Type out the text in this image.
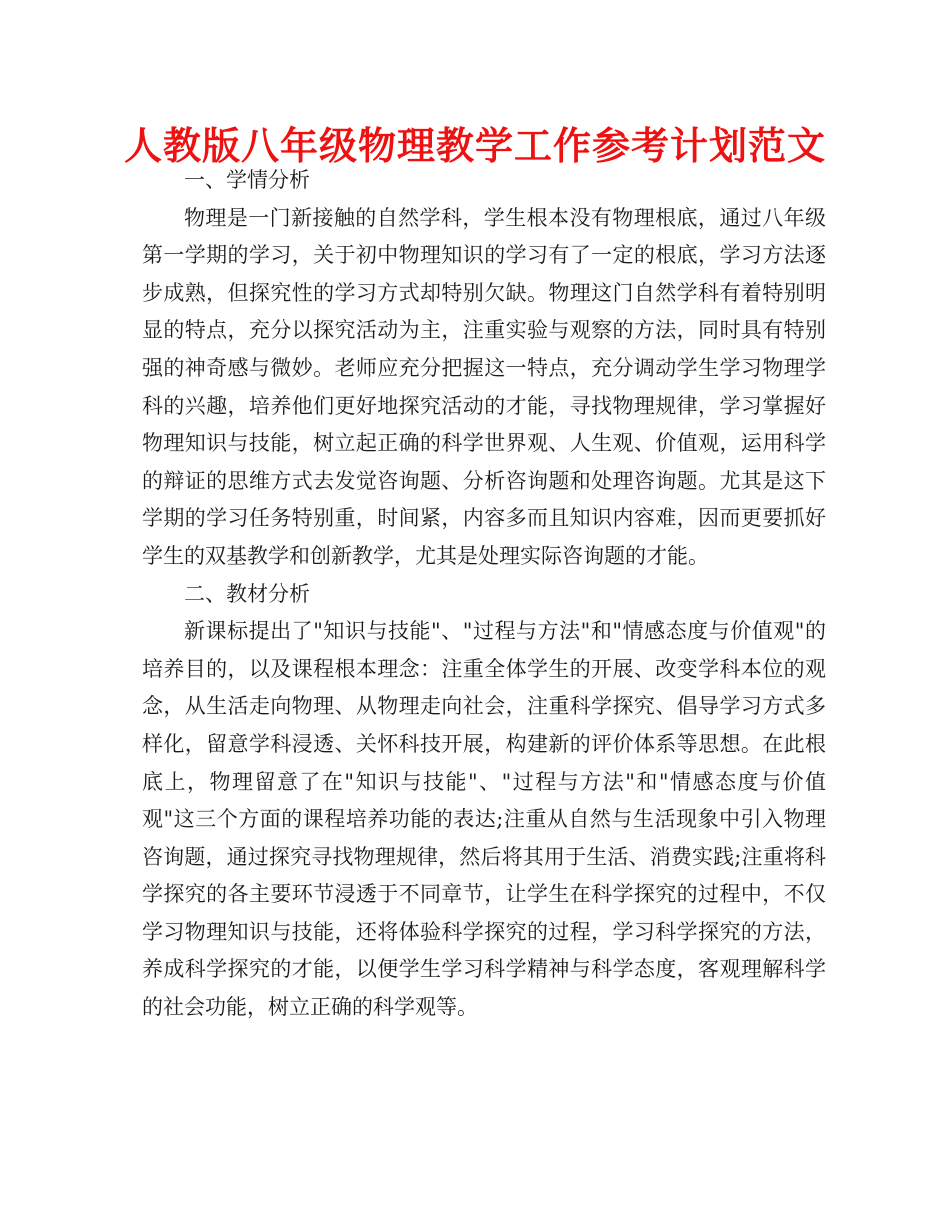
人教版八年级物理教学工作参考计划范文
一、学情分析

物理是一门新接触的自然学科，学生根本没有物理根底，通过八年级第一学期的学习，关于初中物理知识的学习有了一定的根底，学习方法逐步成熟，但探究性的学习方式却特别欠缺。物理这门自然学科有着特别明显的特点，充分以探究活动为主，注重实验与观察的方法，同时具有特别强的神奇感与微妙。老师应充分把握这一特点，充分调动学生学习物理学科的兴趣，培养他们更好地探究活动的才能，寻找物理规律，学习掌握好物理知识与技能，树立起正确的科学世界观、人生观、价值观，运用科学的辩证的思维方式去发觉咨询题、分析咨询题和处理咨询题。尤其是这下学期的学习任务特别重，时间紧，内容多而且知识内容难，因而更要抓好学生的双基教学和创新教学，尤其是处理实际咨询题的才能。

二、教材分析

新课标提出了"知识与技能"、"过程与方法"和"情感态度与价值观"的培养目的，以及课程根本理念：注重全体学生的开展、改变学科本位的观念，从生活走向物理、从物理走向社会，注重科学探究、倡导学习方式多样化，留意学科浸透、关怀科技开展，构建新的评价体系等思想。在此根底上，物理留意了在"知识与技能"、"过程与方法"和"情感态度与价值观"这三个方面的课程培养功能的表达;注重从自然与生活现象中引入物理咨询题，通过探究寻找物理规律，然后将其用于生活、消费实践;注重将科学探究的各主要环节浸透于不同章节，让学生在科学探究的过程中，不仅学习物理知识与技能，还将体验科学探究的过程，学习科学探究的方法，养成科学探究的才能，以便学生学习科学精神与科学态度，客观理解科学的社会功能，树立正确的科学观等。
